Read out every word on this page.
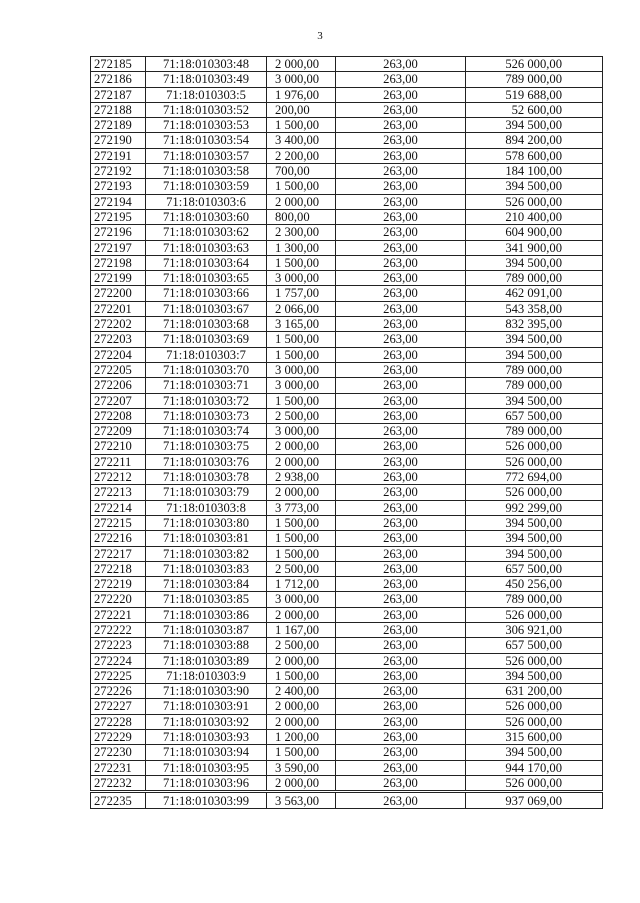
3
272185	71:18:010303:48	2 000,00	263,00	526 000,00
272186	71:18:010303:49	3 000,00	263,00	789 000,00
272187	71:18:010303:5	1 976,00	263,00	519 688,00
272188	71:18:010303:52	200,00	263,00	52 600,00
272189	71:18:010303:53	1 500,00	263,00	394 500,00
272190	71:18:010303:54	3 400,00	263,00	894 200,00
272191	71:18:010303:57	2 200,00	263,00	578 600,00
272192	71:18:010303:58	700,00	263,00	184 100,00
272193	71:18:010303:59	1 500,00	263,00	394 500,00
272194	71:18:010303:6	2 000,00	263,00	526 000,00
272195	71:18:010303:60	800,00	263,00	210 400,00
272196	71:18:010303:62	2 300,00	263,00	604 900,00
272197	71:18:010303:63	1 300,00	263,00	341 900,00
272198	71:18:010303:64	1 500,00	263,00	394 500,00
272199	71:18:010303:65	3 000,00	263,00	789 000,00
272200	71:18:010303:66	1 757,00	263,00	462 091,00
272201	71:18:010303:67	2 066,00	263,00	543 358,00
272202	71:18:010303:68	3 165,00	263,00	832 395,00
272203	71:18:010303:69	1 500,00	263,00	394 500,00
272204	71:18:010303:7	1 500,00	263,00	394 500,00
272205	71:18:010303:70	3 000,00	263,00	789 000,00
272206	71:18:010303:71	3 000,00	263,00	789 000,00
272207	71:18:010303:72	1 500,00	263,00	394 500,00
272208	71:18:010303:73	2 500,00	263,00	657 500,00
272209	71:18:010303:74	3 000,00	263,00	789 000,00
272210	71:18:010303:75	2 000,00	263,00	526 000,00
272211	71:18:010303:76	2 000,00	263,00	526 000,00
272212	71:18:010303:78	2 938,00	263,00	772 694,00
272213	71:18:010303:79	2 000,00	263,00	526 000,00
272214	71:18:010303:8	3 773,00	263,00	992 299,00
272215	71:18:010303:80	1 500,00	263,00	394 500,00
272216	71:18:010303:81	1 500,00	263,00	394 500,00
272217	71:18:010303:82	1 500,00	263,00	394 500,00
272218	71:18:010303:83	2 500,00	263,00	657 500,00
272219	71:18:010303:84	1 712,00	263,00	450 256,00
272220	71:18:010303:85	3 000,00	263,00	789 000,00
272221	71:18:010303:86	2 000,00	263,00	526 000,00
272222	71:18:010303:87	1 167,00	263,00	306 921,00
272223	71:18:010303:88	2 500,00	263,00	657 500,00
272224	71:18:010303:89	2 000,00	263,00	526 000,00
272225	71:18:010303:9	1 500,00	263,00	394 500,00
272226	71:18:010303:90	2 400,00	263,00	631 200,00
272227	71:18:010303:91	2 000,00	263,00	526 000,00
272228	71:18:010303:92	2 000,00	263,00	526 000,00
272229	71:18:010303:93	1 200,00	263,00	315 600,00
272230	71:18:010303:94	1 500,00	263,00	394 500,00
272231	71:18:010303:95	3 590,00	263,00	944 170,00
272232	71:18:010303:96	2 000,00	263,00	526 000,00
272235	71:18:010303:99	3 563,00	263,00	937 069,00
